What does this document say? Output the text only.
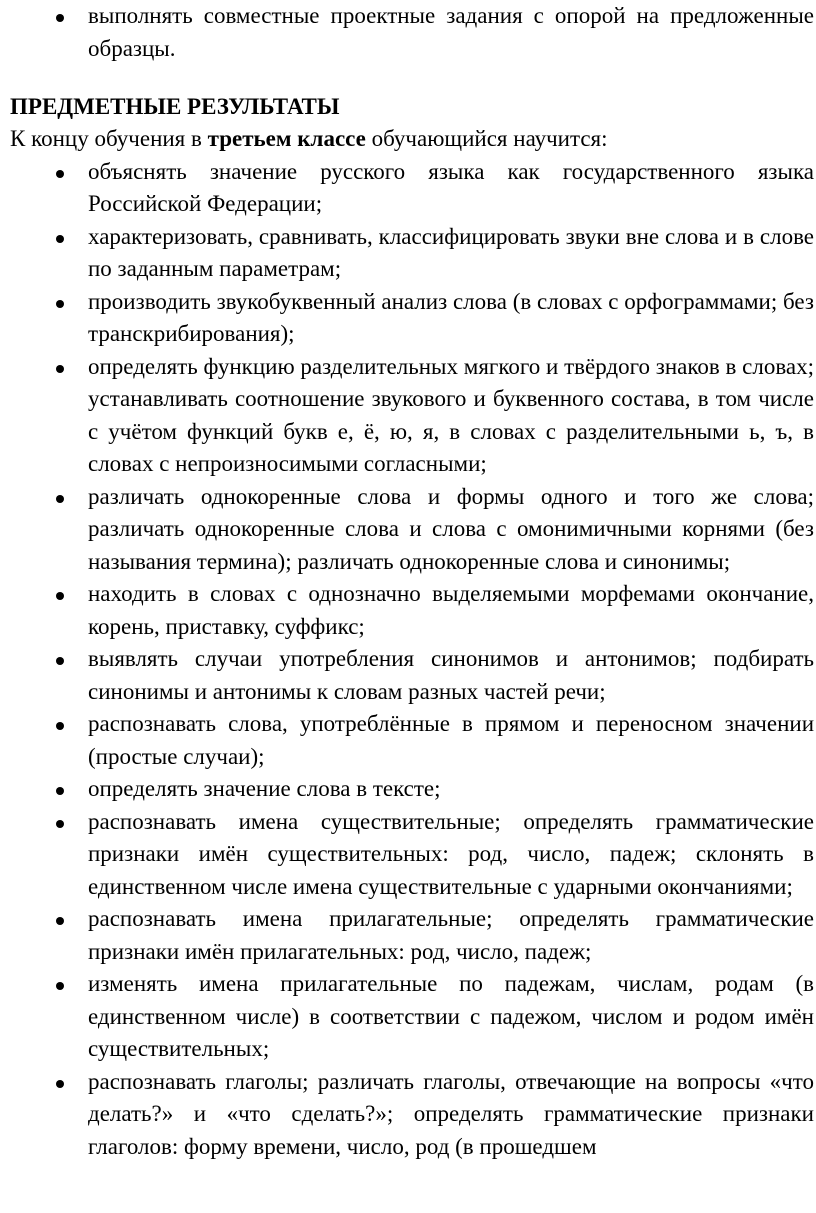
выполнять совместные проектные задания с опорой на предложенные образцы.
ПРЕДМЕТНЫЕ РЕЗУЛЬТАТЫ

К концу обучения в третьем классе обучающийся научится:

объяснять значение русского языка как государственного языка Российской Федерации;
характеризовать, сравнивать, классифицировать звуки вне слова и в слове по заданным параметрам;
производить звукобуквенный анализ слова (в словах с орфограммами; без транскрибирования);
определять функцию разделительных мягкого и твёрдого знаков в словах; устанавливать соотношение звукового и буквенного состава, в том числе с учётом функций букв е, ё, ю, я, в словах с разделительными ь, ъ, в словах с непроизносимыми согласными;
различать однокоренные слова и формы одного и того же слова; различать однокоренные слова и слова с омонимичными корнями (без называния термина); различать однокоренные слова и синонимы;
находить в словах с однозначно выделяемыми морфемами окончание, корень, приставку, суффикс;
выявлять случаи употребления синонимов и антонимов; подбирать синонимы и антонимы к словам разных частей речи;
распознавать слова, употреблённые в прямом и переносном значении (простые случаи);
определять значение слова в тексте;
распознавать имена существительные; определять грамматические признаки имён существительных: род, число, падеж; склонять в единственном числе имена существительные с ударными окончаниями;
распознавать имена прилагательные; определять грамматические признаки имён прилагательных: род, число, падеж;
изменять имена прилагательные по падежам, числам, родам (в единственном числе) в соответствии с падежом, числом и родом имён существительных;
распознавать глаголы; различать глаголы, отвечающие на вопросы «что делать?» и «что сделать?»; определять грамматические признаки глаголов: форму времени, число, род (в прошедшем
